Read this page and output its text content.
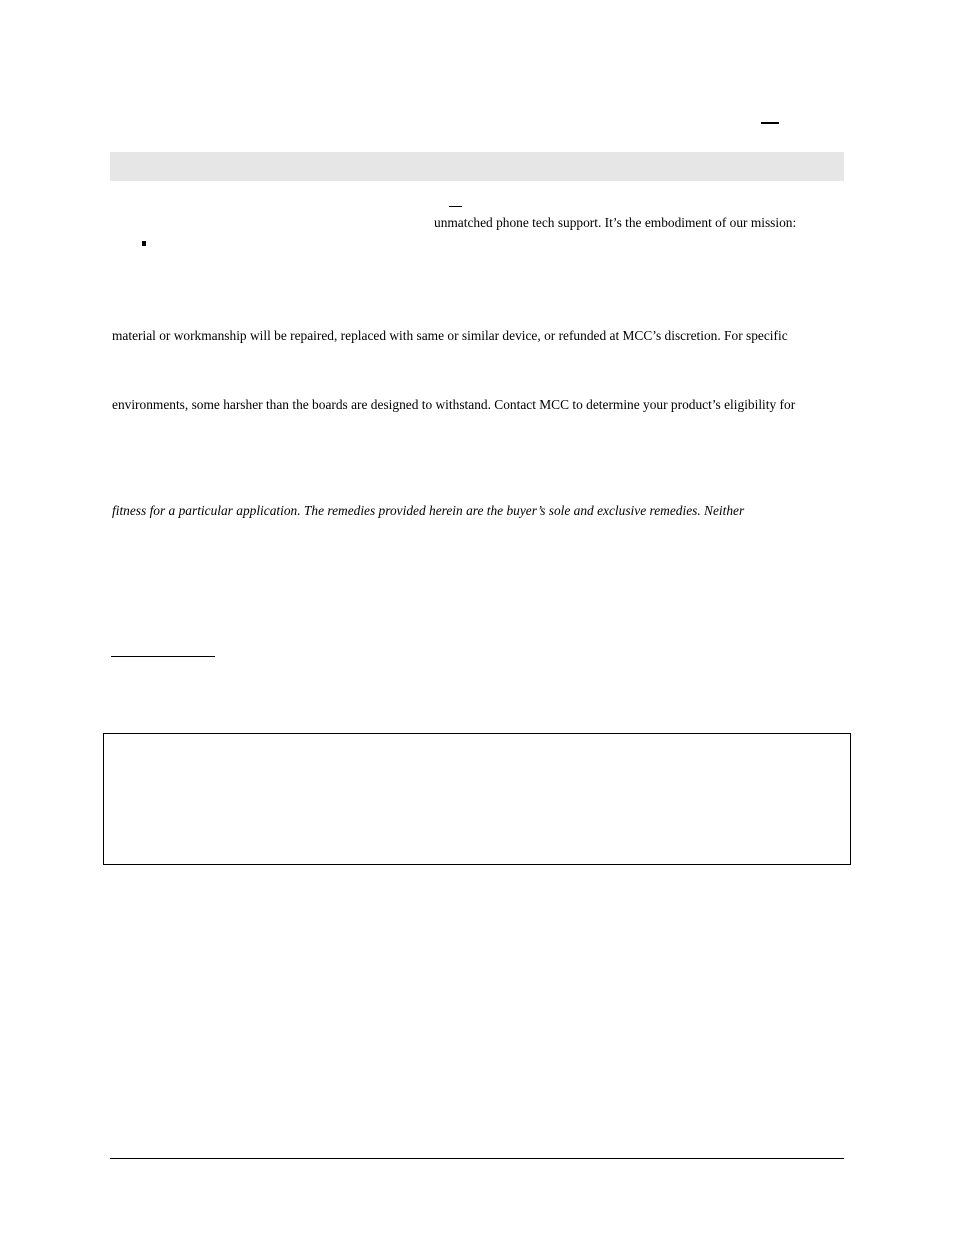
unmatched phone tech support. It’s the embodiment of our mission:
material or workmanship will be repaired, replaced with same or similar device, or refunded at MCC’s discretion. For specific
environments, some harsher than the boards are designed to withstand. Contact MCC to determine your product’s eligibility for
fitness for a particular application. The remedies provided herein are the buyer’s sole and exclusive remedies. Neither
